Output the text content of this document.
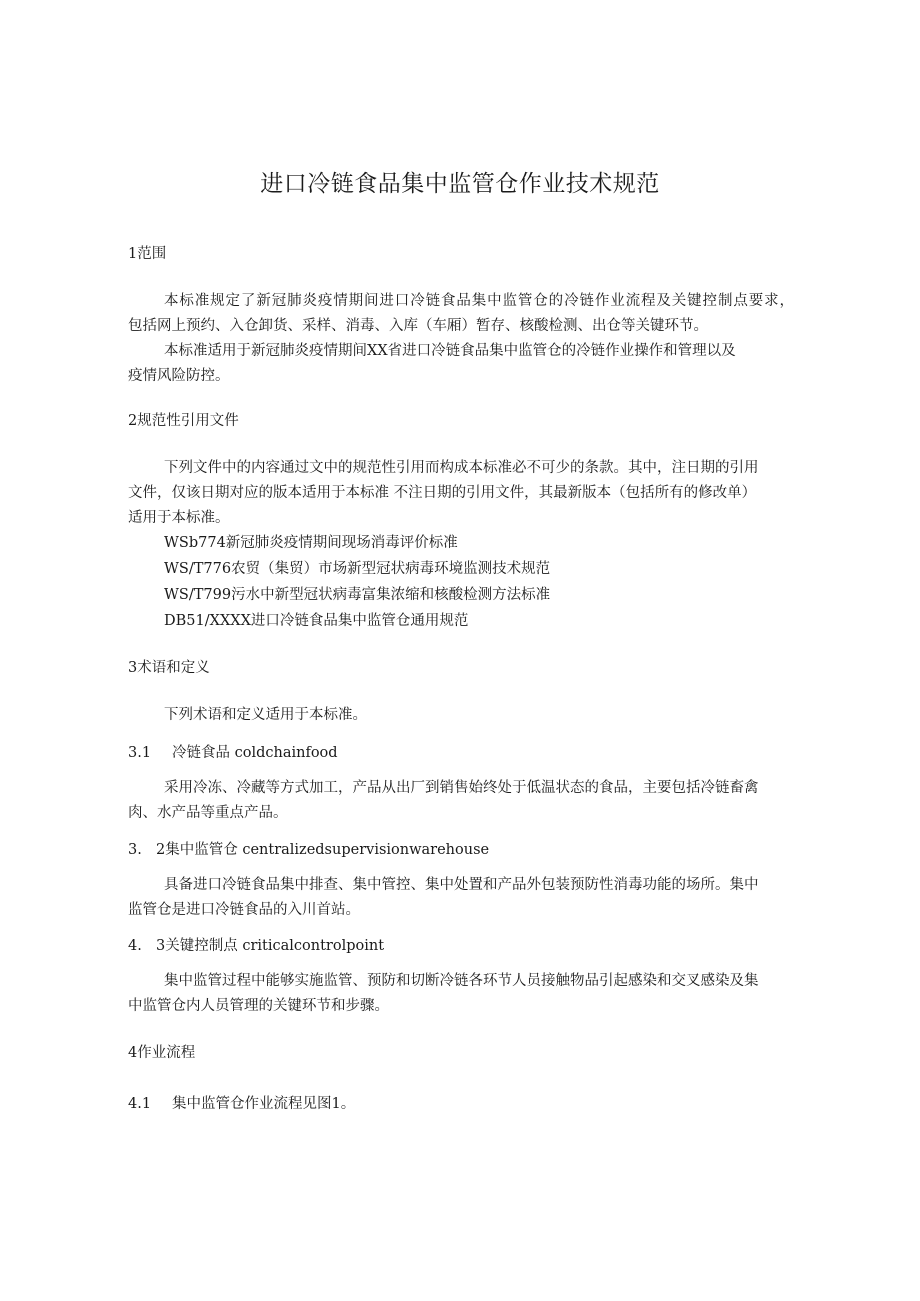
进口冷链食品集中监管仓作业技术规范
1范围
本标准规定了新冠肺炎疫情期间进口冷链食品集中监管仓的冷链作业流程及关键控制点要求，
包括网上预约、入仓卸货、采样、消毒、入库（车厢）暂存、核酸检测、出仓等关键环节。
本标准适用于新冠肺炎疫情期间XX省进口冷链食品集中监管仓的冷链作业操作和管理以及
疫情风险防控。
2规范性引用文件
下列文件中的内容通过文中的规范性引用而构成本标准必不可少的条款。其中，注日期的引用
文件，仅该日期对应的版本适用于本标准 不注日期的引用文件，其最新版本（包括所有的修改单）
适用于本标准。
WSb774新冠肺炎疫情期间现场消毒评价标准
WS/T776农贸（集贸）市场新型冠状病毒环境监测技术规范
WS/T799污水中新型冠状病毒富集浓缩和核酸检测方法标准
DB51/XXXX进口冷链食品集中监管仓通用规范
3术语和定义
下列术语和定义适用于本标准。
3.1 冷链食品 coldchainfood
采用冷冻、冷藏等方式加工，产品从出厂到销售始终处于低温状态的食品，主要包括冷链畜禽
肉、水产品等重点产品。
3. 2集中监管仓 centralizedsupervisionwarehouse
具备进口冷链食品集中排查、集中管控、集中处置和产品外包装预防性消毒功能的场所。集中
监管仓是进口冷链食品的入川首站。
4. 3关键控制点 criticalcontrolpoint
集中监管过程中能够实施监管、预防和切断冷链各环节人员接触物品引起感染和交叉感染及集
中监管仓内人员管理的关键环节和步骤。
4作业流程
4.1 集中监管仓作业流程见图1。
